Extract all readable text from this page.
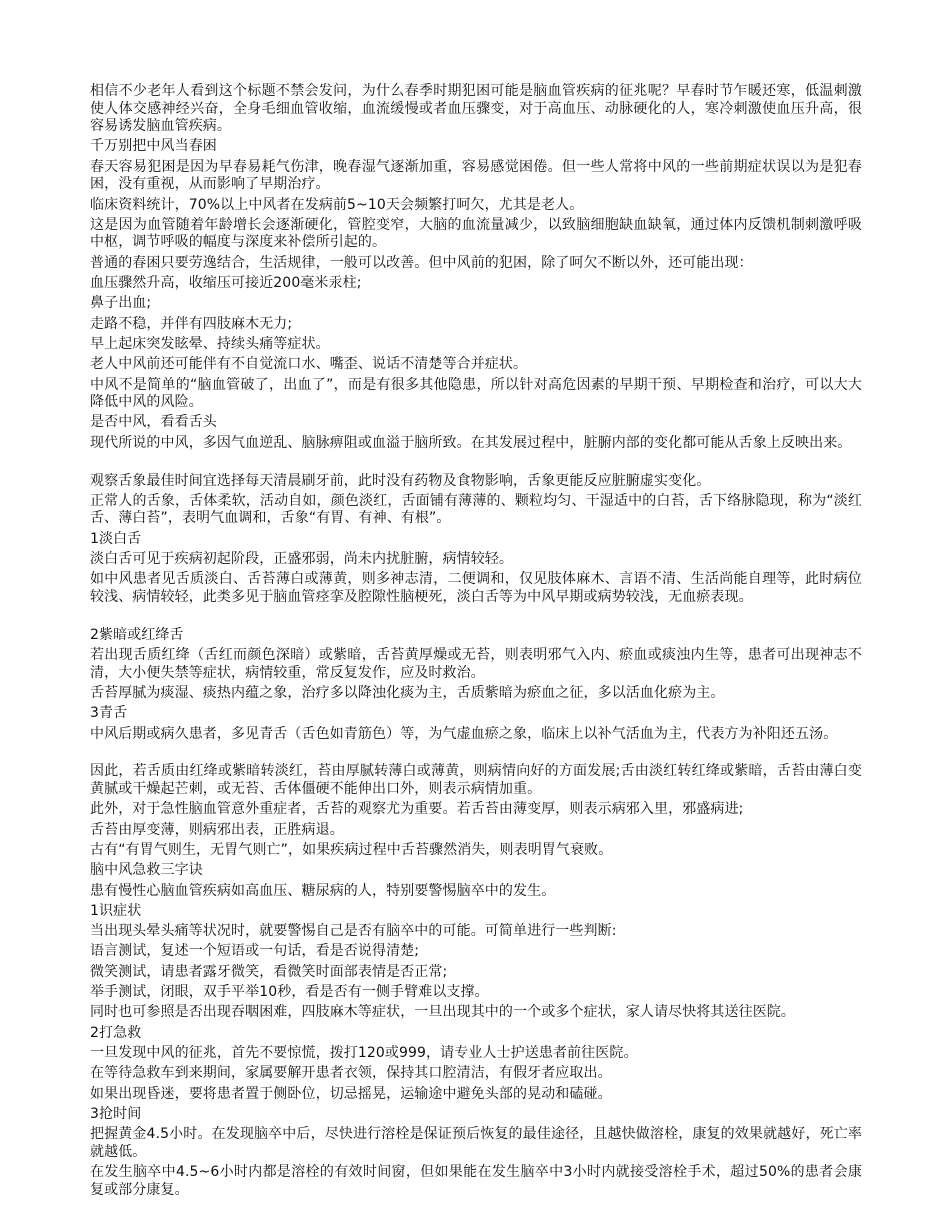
相信不少老年人看到这个标题不禁会发问，为什么春季时期犯困可能是脑血管疾病的征兆呢？早春时节乍暖还寒，低温刺激使人体交感神经兴奋，全身毛细血管收缩，血流缓慢或者血压骤变，对于高血压、动脉硬化的人，寒冷刺激使血压升高，很容易诱发脑血管疾病。

千万别把中风当春困

春天容易犯困是因为早春易耗气伤津，晚春湿气逐渐加重，容易感觉困倦。但一些人常将中风的一些前期症状误以为是犯春困，没有重视，从而影响了早期治疗。

临床资料统计，70%以上中风者在发病前5~10天会频繁打呵欠，尤其是老人。

这是因为血管随着年龄增长会逐渐硬化，管腔变窄，大脑的血流量减少，以致脑细胞缺血缺氧，通过体内反馈机制刺激呼吸中枢，调节呼吸的幅度与深度来补偿所引起的。

普通的春困只要劳逸结合，生活规律，一般可以改善。但中风前的犯困，除了呵欠不断以外，还可能出现：

血压骤然升高，收缩压可接近200毫米汞柱;

鼻子出血;

走路不稳，并伴有四肢麻木无力;

早上起床突发眩晕、持续头痛等症状。

老人中风前还可能伴有不自觉流口水、嘴歪、说话不清楚等合并症状。

中风不是简单的“脑血管破了，出血了”，而是有很多其他隐患，所以针对高危因素的早期干预、早期检查和治疗，可以大大降低中风的风险。

是否中风，看看舌头

现代所说的中风，多因气血逆乱、脑脉痹阻或血溢于脑所致。在其发展过程中，脏腑内部的变化都可能从舌象上反映出来。

观察舌象最佳时间宜选择每天清晨刷牙前，此时没有药物及食物影响，舌象更能反应脏腑虚实变化。

正常人的舌象，舌体柔软，活动自如，颜色淡红，舌面铺有薄薄的、颗粒均匀、干湿适中的白苔，舌下络脉隐现，称为“淡红舌、薄白苔”，表明气血调和，舌象“有胃、有神、有根”。

1淡白舌

淡白舌可见于疾病初起阶段，正盛邪弱，尚未内扰脏腑，病情较轻。

如中风患者见舌质淡白、舌苔薄白或薄黄，则多神志清，二便调和，仅见肢体麻木、言语不清、生活尚能自理等，此时病位较浅、病情较轻，此类多见于脑血管痉挛及腔隙性脑梗死，淡白舌等为中风早期或病势较浅，无血瘀表现。

2紫暗或红绛舌

若出现舌质红绛（舌红而颜色深暗）或紫暗，舌苔黄厚燥或无苔，则表明邪气入内、瘀血或痰浊内生等，患者可出现神志不清，大小便失禁等症状，病情较重，常反复发作，应及时救治。

舌苔厚腻为痰湿、痰热内蕴之象，治疗多以降浊化痰为主，舌质紫暗为瘀血之征，多以活血化瘀为主。

3青舌

中风后期或病久患者，多见青舌（舌色如青筋色）等，为气虚血瘀之象，临床上以补气活血为主，代表方为补阳还五汤。

因此，若舌质由红绛或紫暗转淡红，苔由厚腻转薄白或薄黄，则病情向好的方面发展;舌由淡红转红绛或紫暗，舌苔由薄白变黄腻或干燥起芒刺，或无苔、舌体僵硬不能伸出口外，则表示病情加重。

此外，对于急性脑血管意外重症者，舌苔的观察尤为重要。若舌苔由薄变厚，则表示病邪入里，邪盛病进;

舌苔由厚变薄，则病邪出表，正胜病退。

古有“有胃气则生，无胃气则亡”，如果疾病过程中舌苔骤然消失，则表明胃气衰败。

脑中风急救三字诀

患有慢性心脑血管疾病如高血压、糖尿病的人，特别要警惕脑卒中的发生。

1识症状

当出现头晕头痛等状况时，就要警惕自己是否有脑卒中的可能。可简单进行一些判断:

语言测试，复述一个短语或一句话，看是否说得清楚;

微笑测试，请患者露牙微笑，看微笑时面部表情是否正常;

举手测试，闭眼，双手平举10秒，看是否有一侧手臂难以支撑。

同时也可参照是否出现吞咽困难，四肢麻木等症状，一旦出现其中的一个或多个症状，家人请尽快将其送往医院。

2打急救

一旦发现中风的征兆，首先不要惊慌，拨打120或999，请专业人士护送患者前往医院。

在等待急救车到来期间，家属要解开患者衣领，保持其口腔清洁，有假牙者应取出。

如果出现昏迷，要将患者置于侧卧位，切忌摇晃，运输途中避免头部的晃动和磕碰。

3抢时间

把握黄金4.5小时。在发现脑卒中后，尽快进行溶栓是保证预后恢复的最佳途径，且越快做溶栓，康复的效果就越好，死亡率就越低。

在发生脑卒中4.5~6小时内都是溶栓的有效时间窗，但如果能在发生脑卒中3小时内就接受溶栓手术，超过50%的患者会康复或部分康复。
